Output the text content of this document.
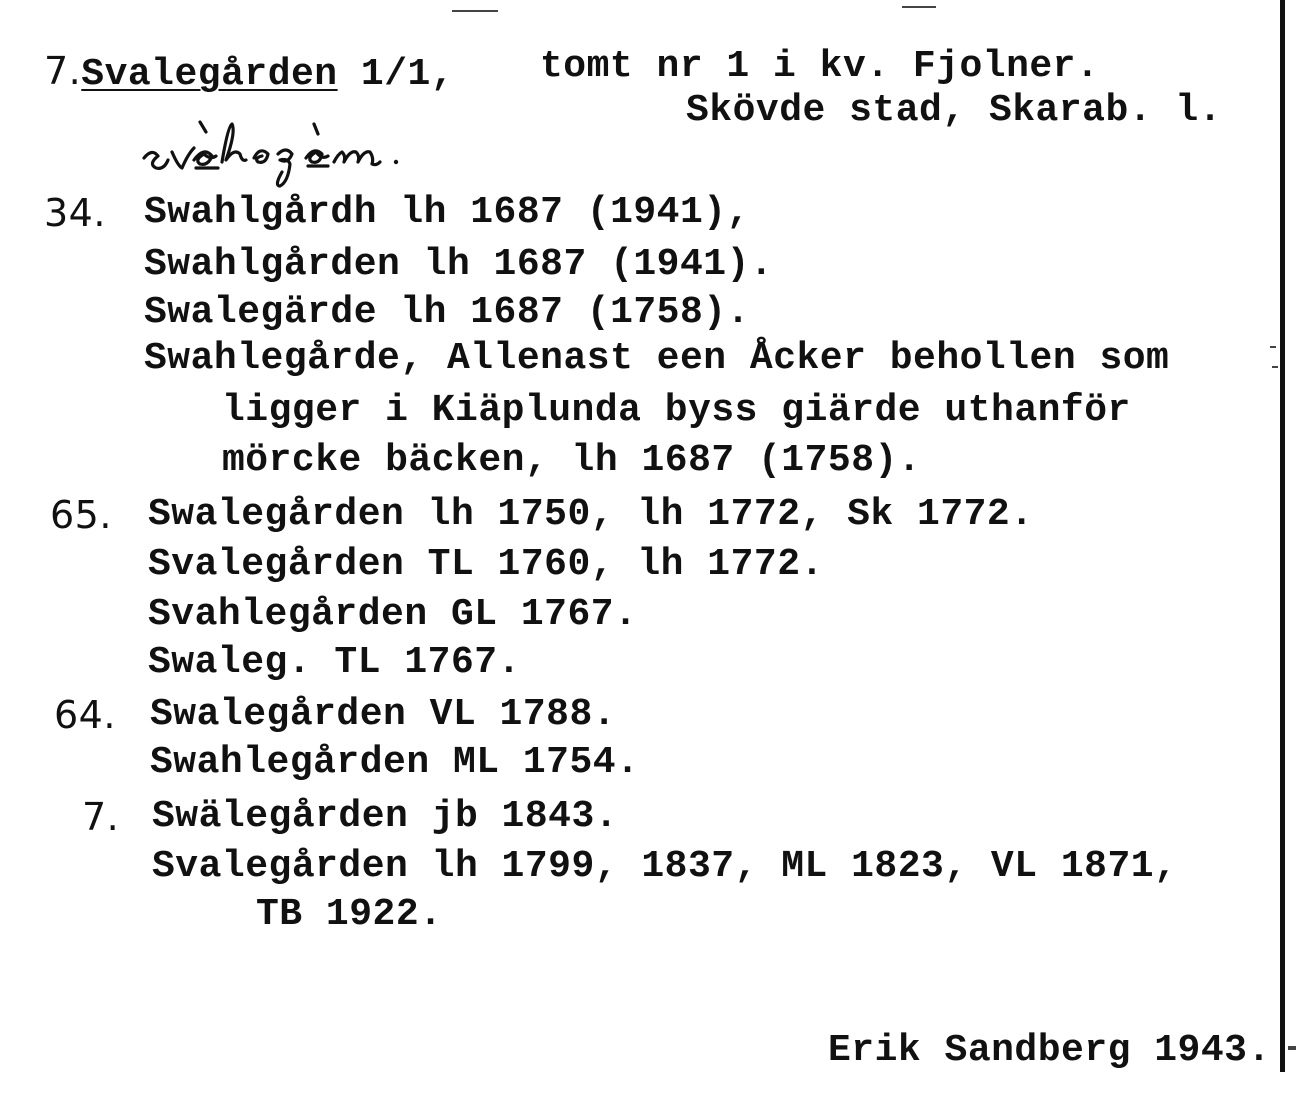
7.Svalegården 1/1, tomt nr 1 i kv. Fjolner.
Skövde stad, Skarab. l.
34. Swahlgårdh lh 1687 (1941),
Swahlgården lh 1687 (1941).
Swalegärde lh 1687 (1758).
Swahlegårde, Allenast een Åcker behollen som
ligger i Kiäplunda byss giärde uthanför
mörcke bäcken, lh 1687 (1758).
65. Swalegården lh 1750, lh 1772, Sk 1772.
Svalegården TL 1760, lh 1772.
Svahlegården GL 1767.
Swaleg. TL 1767.
64. Swalegården VL 1788.
Swahlegården ML 1754.
7. Swälegården jb 1843.
Svalegården lh 1799, 1837, ML 1823, VL 1871,
TB 1922.
Erik Sandberg 1943.
